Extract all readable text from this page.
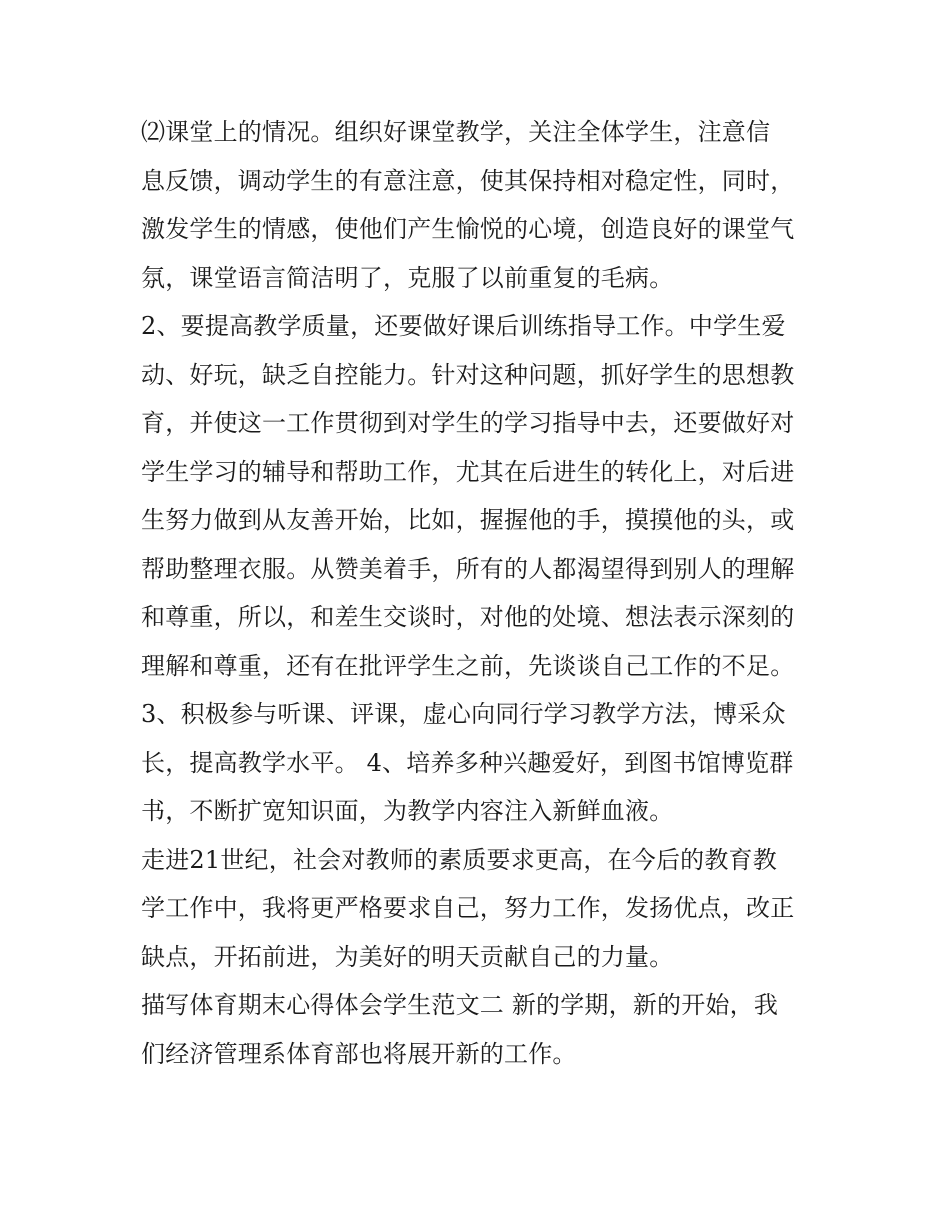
⑵课堂上的情况。组织好课堂教学，关注全体学生，注意信
息反馈，调动学生的有意注意，使其保持相对稳定性，同时，
激发学生的情感，使他们产生愉悦的心境，创造良好的课堂气
氛，课堂语言简洁明了，克服了以前重复的毛病。
2、要提高教学质量，还要做好课后训练指导工作。中学生爱
动、好玩，缺乏自控能力。针对这种问题，抓好学生的思想教
育，并使这一工作贯彻到对学生的学习指导中去，还要做好对
学生学习的辅导和帮助工作，尤其在后进生的转化上，对后进
生努力做到从友善开始，比如，握握他的手，摸摸他的头，或
帮助整理衣服。从赞美着手，所有的人都渴望得到别人的理解
和尊重，所以，和差生交谈时，对他的处境、想法表示深刻的
理解和尊重，还有在批评学生之前，先谈谈自己工作的不足。
3、积极参与听课、评课，虚心向同行学习教学方法，博采众
长，提高教学水平。 4、培养多种兴趣爱好，到图书馆博览群
书，不断扩宽知识面，为教学内容注入新鲜血液。
走进21世纪，社会对教师的素质要求更高，在今后的教育教
学工作中，我将更严格要求自己，努力工作，发扬优点，改正
缺点，开拓前进，为美好的明天贡献自己的力量。
描写体育期末心得体会学生范文二 新的学期，新的开始，我
们经济管理系体育部也将展开新的工作。
